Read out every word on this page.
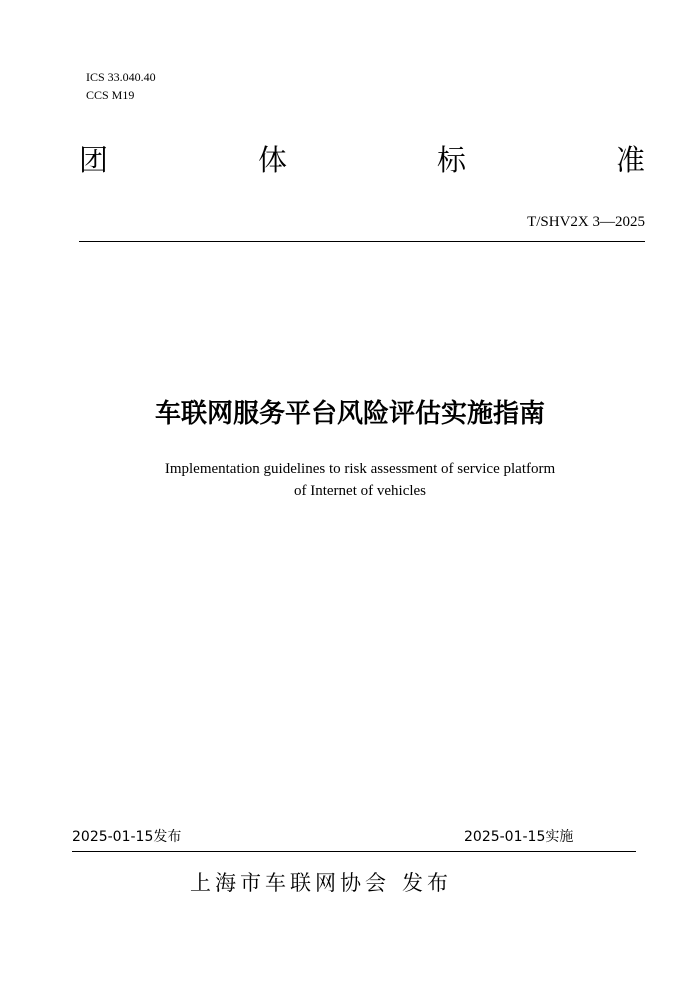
ICS 33.040.40
CCS M19
团	体	标	准
T/SHV2X 3—2025
车联网服务平台风险评估实施指南
Implementation guidelines to risk assessment of service platform
of Internet of vehicles
2025-01-15发布	2025-01-15实施
上海市车联网协会 发布
